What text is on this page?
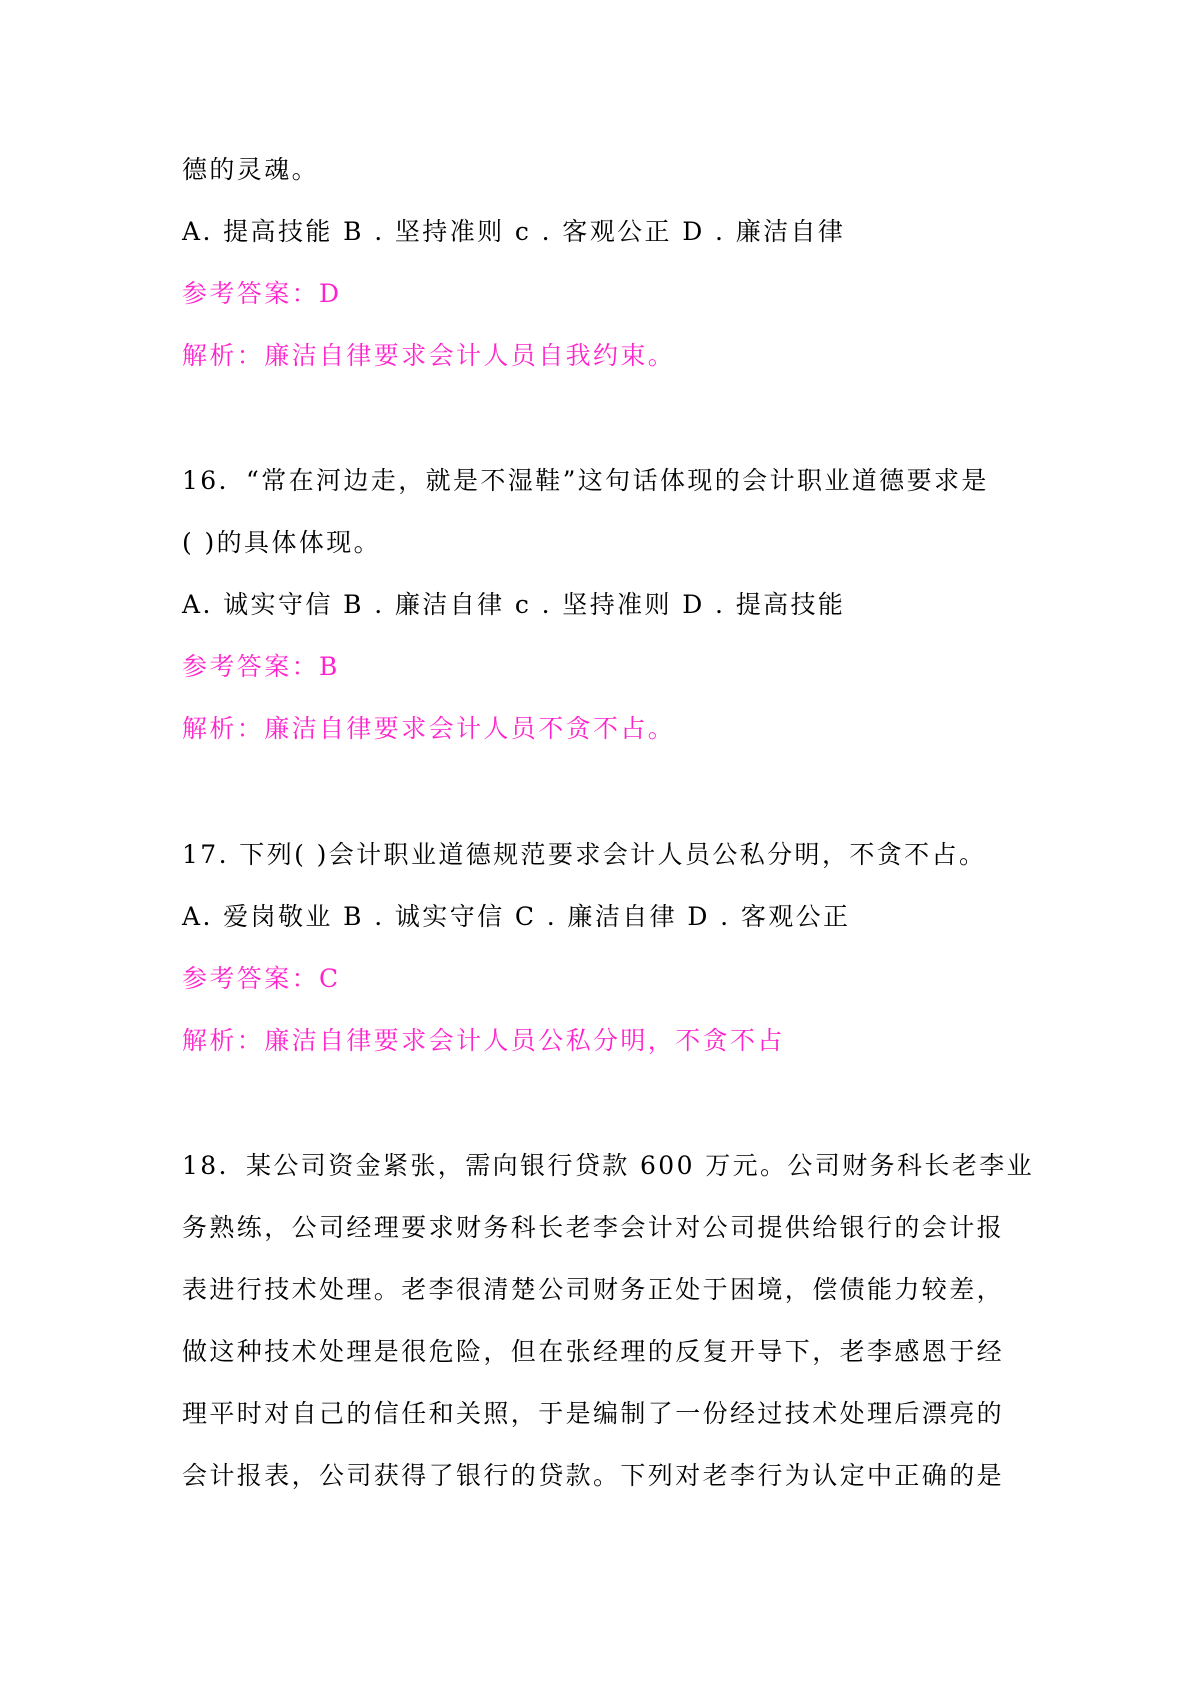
德的灵魂。
A. 提高技能 B . 坚持准则 c . 客观公正 D . 廉洁自律
参考答案：D
解析：廉洁自律要求会计人员自我约束。
16．“常在河边走，就是不湿鞋”这句话体现的会计职业道德要求是
( )的具体体现。
A. 诚实守信 B . 廉洁自律 c . 坚持准则 D . 提高技能
参考答案：B
解析：廉洁自律要求会计人员不贪不占。
17. 下列( )会计职业道德规范要求会计人员公私分明，不贪不占。
A. 爱岗敬业 B . 诚实守信 C . 廉洁自律 D . 客观公正
参考答案：C
解析：廉洁自律要求会计人员公私分明，不贪不占
18．某公司资金紧张，需向银行贷款 600 万元。公司财务科长老李业
务熟练，公司经理要求财务科长老李会计对公司提供给银行的会计报
表进行技术处理。老李很清楚公司财务正处于困境，偿债能力较差，
做这种技术处理是很危险，但在张经理的反复开导下，老李感恩于经
理平时对自己的信任和关照，于是编制了一份经过技术处理后漂亮的
会计报表，公司获得了银行的贷款。下列对老李行为认定中正确的是
